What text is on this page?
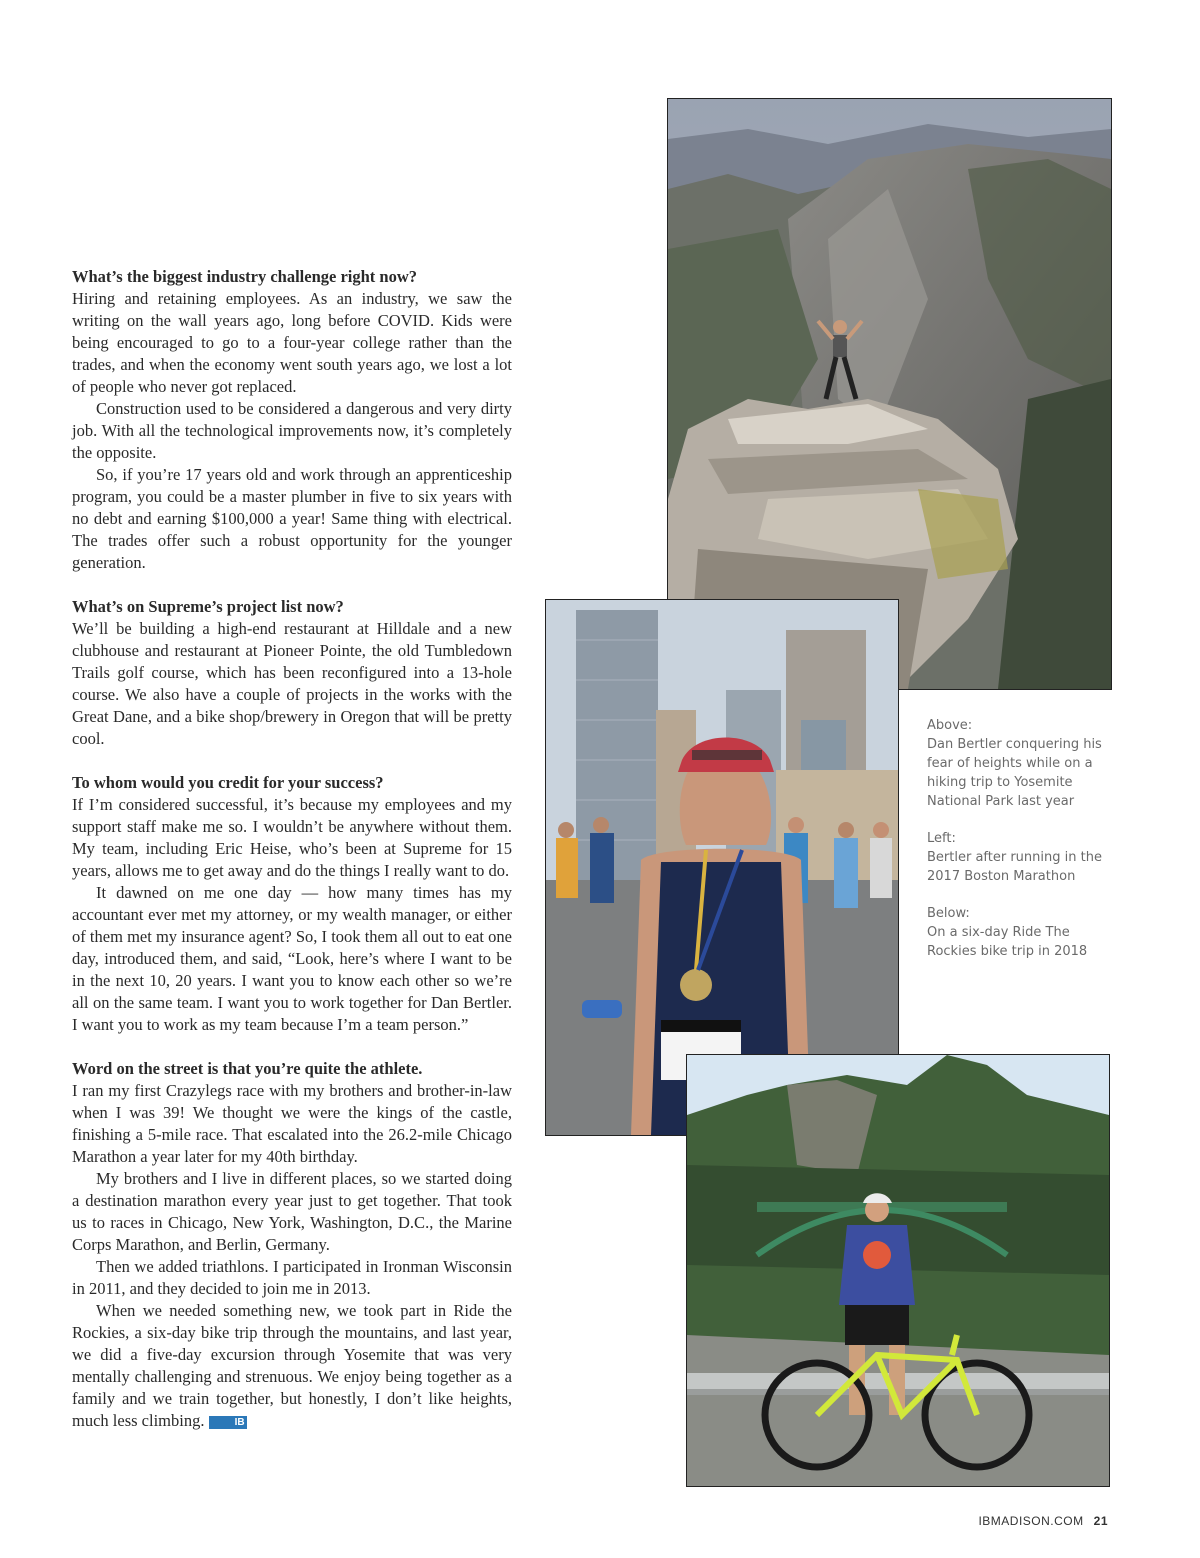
What’s the biggest industry challenge right now?

Hiring and retaining employees. As an industry, we saw the writing on the wall years ago, long before COVID. Kids were being encouraged to go to a four-year college rather than the trades, and when the economy went south years ago, we lost a lot of people who never got replaced.

Construction used to be considered a dangerous and very dirty job. With all the technological improvements now, it’s completely the opposite.

So, if you’re 17 years old and work through an apprenticeship program, you could be a master plumber in five to six years with no debt and earning $100,000 a year! Same thing with electrical. The trades offer such a robust opportunity for the younger generation.

What’s on Supreme’s project list now?

We’ll be building a high-end restaurant at Hilldale and a new clubhouse and restaurant at Pioneer Pointe, the old Tumbledown Trails golf course, which has been reconfigured into a 13-hole course. We also have a couple of projects in the works with the Great Dane, and a bike shop/brewery in Oregon that will be pretty cool.

To whom would you credit for your success?

If I’m considered successful, it’s because my employees and my support staff make me so. I wouldn’t be anywhere without them. My team, including Eric Heise, who’s been at Supreme for 15 years, allows me to get away and do the things I really want to do.

It dawned on me one day — how many times has my accountant ever met my attorney, or my wealth manager, or either of them met my insurance agent? So, I took them all out to eat one day, introduced them, and said, “Look, here’s where I want to be in the next 10, 20 years. I want you to know each other so we’re all on the same team. I want you to work together for Dan Bertler. I want you to work as my team because I’m a team person.”

Word on the street is that you’re quite the athlete.

I ran my first Crazylegs race with my brothers and brother-in-law when I was 39! We thought we were the kings of the castle, finishing a 5-mile race. That escalated into the 26.2-mile Chicago Marathon a year later for my 40th birthday.

My brothers and I live in different places, so we started doing a destination marathon every year just to get together. That took us to races in Chicago, New York, Washington, D.C., the Marine Corps Marathon, and Berlin, Germany.

Then we added triathlons. I participated in Ironman Wisconsin in 2011, and they decided to join me in 2013.

When we needed something new, we took part in Ride the Rockies, a six-day bike trip through the mountains, and last year, we did a five-day excursion through Yosemite that was very mentally challenging and strenuous. We enjoy being together as a family and we train together, but honestly, I don’t like heights, much less climbing.	IB

Above:
Dan Bertler conquering his fear of heights while on a hiking trip to Yosemite National Park last year
Left:
Bertler after running in the 2017 Boston Marathon
Below:
On a six-day Ride The Rockies bike trip in 2018
IBMADISON.COM 21
